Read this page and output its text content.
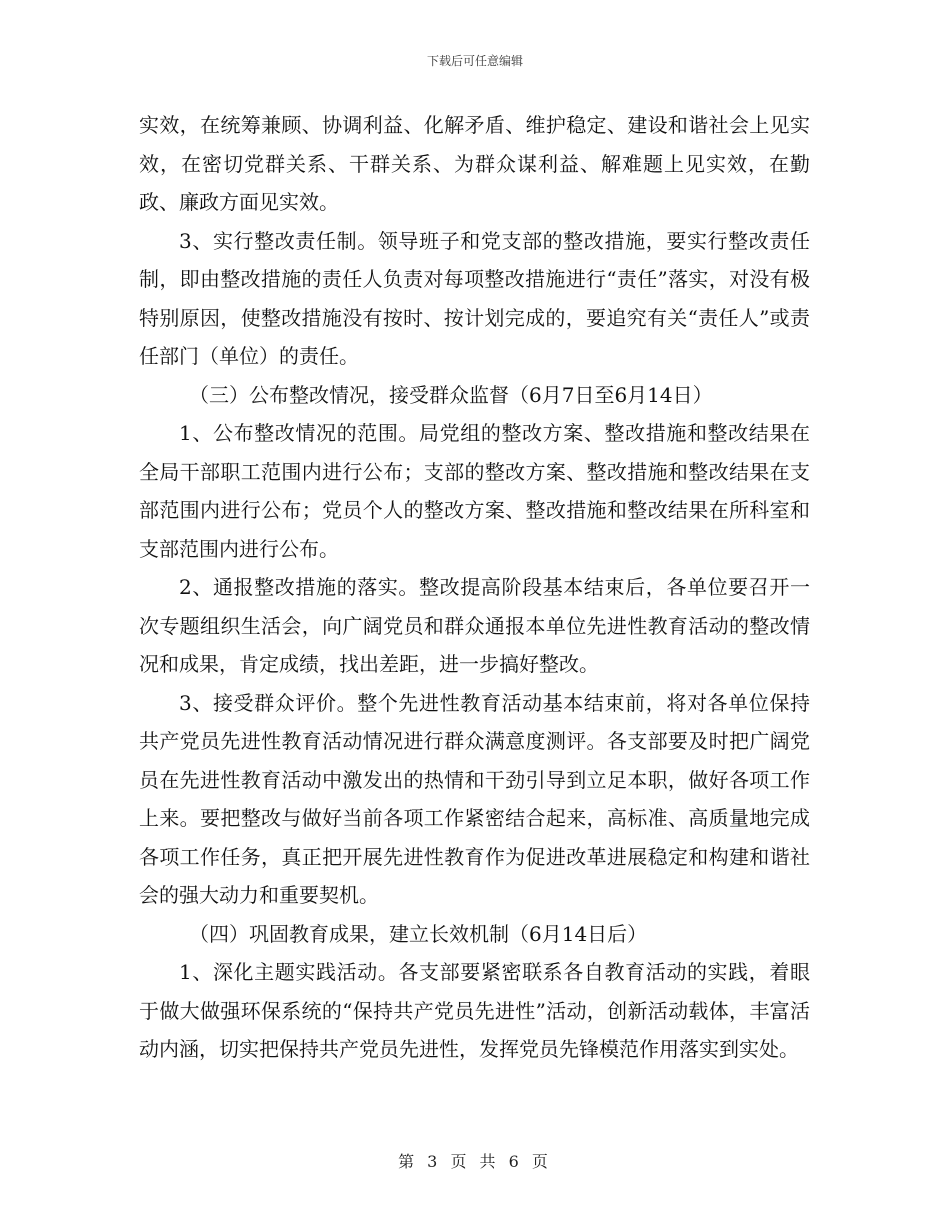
下载后可任意编辑

实效，在统筹兼顾、协调利益、化解矛盾、维护稳定、建设和谐社会上见实效，在密切党群关系、干群关系、为群众谋利益、解难题上见实效，在勤政、廉政方面见实效。

3、实行整改责任制。领导班子和党支部的整改措施，要实行整改责任制，即由整改措施的责任人负责对每项整改措施进行“责任”落实，对没有极特别原因，使整改措施没有按时、按计划完成的，要追究有关“责任人”或责任部门（单位）的责任。

（三）公布整改情况，接受群众监督（6月7日至6月14日）

1、公布整改情况的范围。局党组的整改方案、整改措施和整改结果在全局干部职工范围内进行公布；支部的整改方案、整改措施和整改结果在支部范围内进行公布；党员个人的整改方案、整改措施和整改结果在所科室和支部范围内进行公布。

2、通报整改措施的落实。整改提高阶段基本结束后，各单位要召开一次专题组织生活会，向广阔党员和群众通报本单位先进性教育活动的整改情况和成果，肯定成绩，找出差距，进一步搞好整改。

3、接受群众评价。整个先进性教育活动基本结束前，将对各单位保持共产党员先进性教育活动情况进行群众满意度测评。各支部要及时把广阔党员在先进性教育活动中激发出的热情和干劲引导到立足本职，做好各项工作上来。要把整改与做好当前各项工作紧密结合起来，高标准、高质量地完成各项工作任务，真正把开展先进性教育作为促进改革进展稳定和构建和谐社会的强大动力和重要契机。

（四）巩固教育成果，建立长效机制（6月14日后）

1、深化主题实践活动。各支部要紧密联系各自教育活动的实践，着眼于做大做强环保系统的“保持共产党员先进性”活动，创新活动载体，丰富活动内涵，切实把保持共产党员先进性，发挥党员先锋模范作用落实到实处。

第 3 页 共 6 页
